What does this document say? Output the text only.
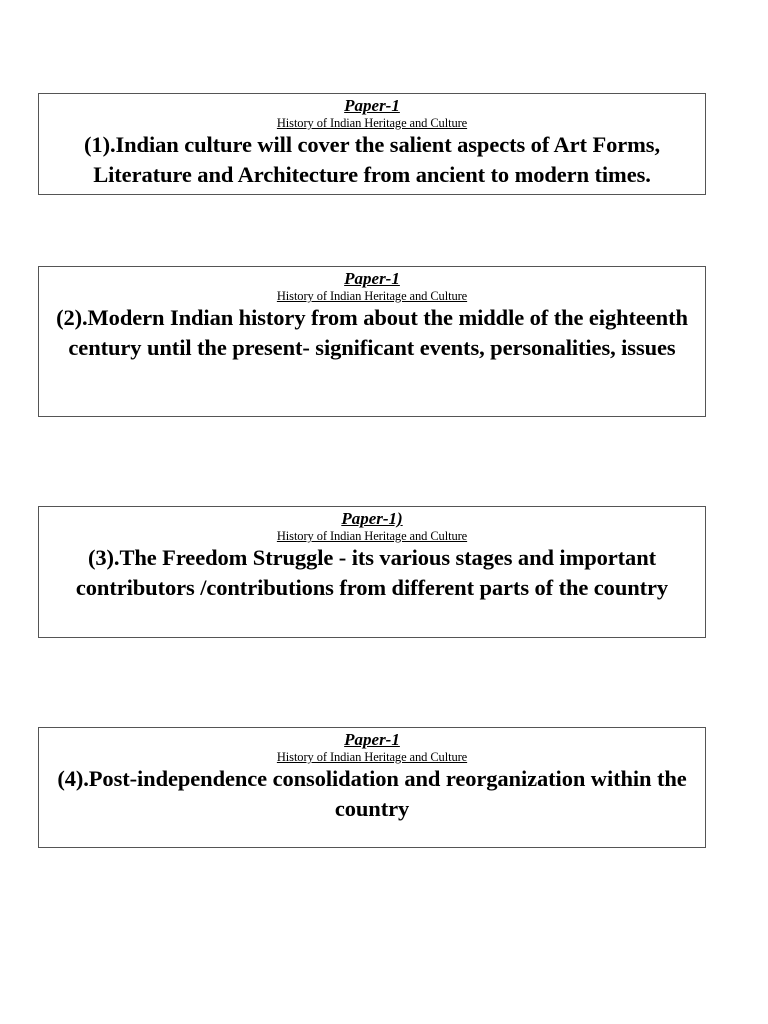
Paper-1
History of Indian Heritage and Culture
(1).Indian culture will cover the salient aspects of Art Forms, Literature and Architecture from ancient to modern times.
Paper-1
History of Indian Heritage and Culture
(2).Modern Indian history from about the middle of the eighteenth century until the present- significant events, personalities, issues
Paper-1)
History of Indian Heritage and Culture
(3).The Freedom Struggle - its various stages and important contributors /contributions from different parts of the country
Paper-1
History of Indian Heritage and Culture
(4).Post-independence consolidation and reorganization within the country
